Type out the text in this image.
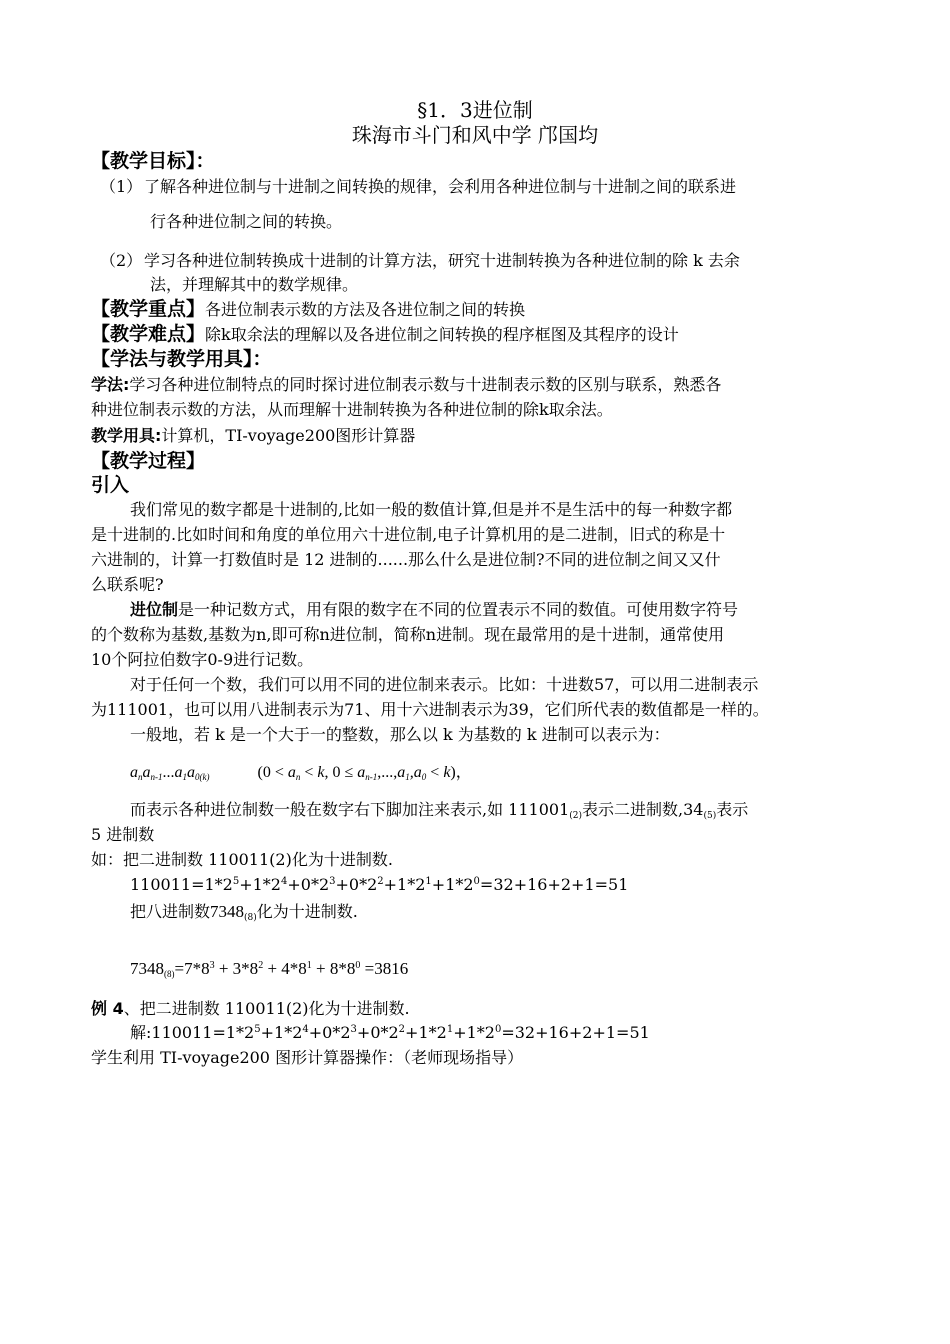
§1．3进位制
珠海市斗门和风中学 邝国均
【教学目标】：
（1） 了解各种进位制与十进制之间转换的规律，会利用各种进位制与十进制之间的联系进
行各种进位制之间的转换。
（2） 学习各种进位制转换成十进制的计算方法，研究十进制转换为各种进位制的除 k 去余
法，并理解其中的数学规律。
【教学重点】各进位制表示数的方法及各进位制之间的转换
【教学难点】除k取余法的理解以及各进位制之间转换的程序框图及其程序的设计
【学法与教学用具】：
学法:学习各种进位制特点的同时探讨进位制表示数与十进制表示数的区别与联系，熟悉各
种进位制表示数的方法，从而理解十进制转换为各种进位制的除k取余法。
教学用具:计算机，TI-voyage200图形计算器
【教学过程】
引入
我们常见的数字都是十进制的,比如一般的数值计算,但是并不是生活中的每一种数字都
是十进制的.比如时间和角度的单位用六十进位制,电子计算机用的是二进制，旧式的称是十
六进制的，计算一打数值时是 12 进制的......那么什么是进位制?不同的进位制之间又又什
么联系呢?
进位制是一种记数方式，用有限的数字在不同的位置表示不同的数值。可使用数字符号
的个数称为基数,基数为n,即可称n进位制，简称n进制。现在最常用的是十进制，通常使用
10个阿拉伯数字0-9进行记数。
对于任何一个数，我们可以用不同的进位制来表示。比如：十进数57，可以用二进制表示
为111001，也可以用八进制表示为71、用十六进制表示为39，它们所代表的数值都是一样的。
一般地，若 k 是一个大于一的整数，那么以 k 为基数的 k 进制可以表示为：
$a_na_{n-1}...a_1a_{0(k)}$	($0 < a_n < k$, $0 \le a_{n-1},...,a_1,a_0 < k$)，
而表示各种进位制数一般在数字右下脚加注来表示,如 $111001_{(2)}$表示二进制数$,34_{(5)}$表示
5 进制数
如：把二进制数 110011(2)化为十进制数.
$110011=1*2^5+1*2^4+0*2^3+0*2^2+1*2^1+1*2^0=32+16+2+1=51$
把八进制数$7348_{(8)}$化为十进制数.
$7348_{(8)}=7*8^3 + 3*8^2 + 4*8^1 + 8*8^0 =3816$
例 4、把二进制数 110011(2)化为十进制数.
解$:110011=1*2^5+1*2^4+0*2^3+0*2^2+1*2^1+1*2^0=32+16+2+1=51$
学生利用 TI-voyage200 图形计算器操作：（老师现场指导）
